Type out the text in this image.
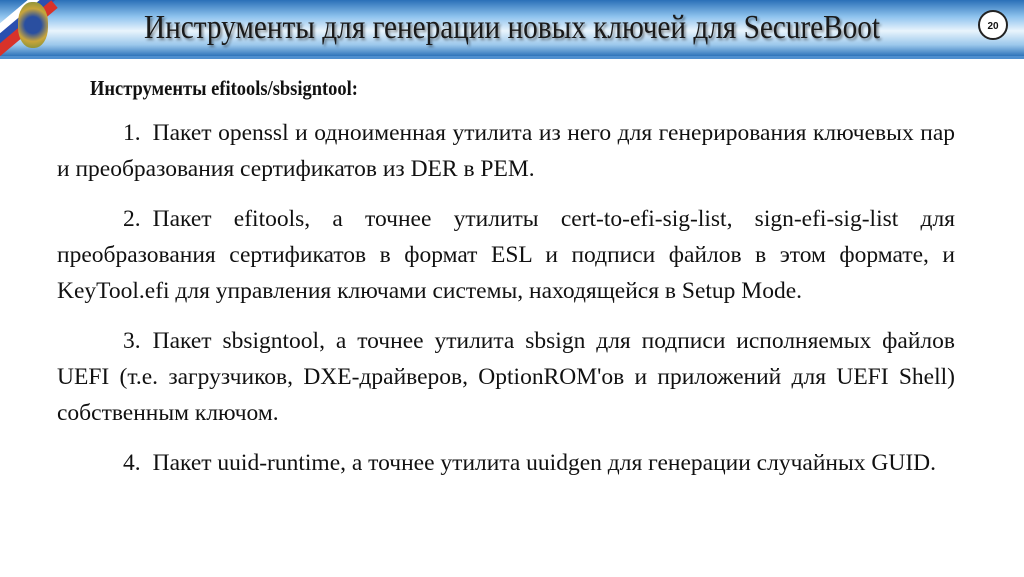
Инструменты для генерации новых ключей для SecureBoot	20
Инструменты efitools/sbsigntool:
1. Пакет openssl и одноименная утилита из него для генерирования ключевых пар и преобразования сертификатов из DER в PEM.
2. Пакет efitools, а точнее утилиты cert-to-efi-sig-list, sign-efi-sig-list для преобразования сертификатов в формат ESL и подписи файлов в этом формате, и KeyTool.efi для управления ключами системы, находящейся в Setup Mode.
3. Пакет sbsigntool, а точнее утилита sbsign для подписи исполняемых файлов UEFI (т.е. загрузчиков, DXE-драйверов, OptionROM'ов и приложений для UEFI Shell) собственным ключом.
4. Пакет uuid-runtime, а точнее утилита uuidgen для генерации случайных GUID.
